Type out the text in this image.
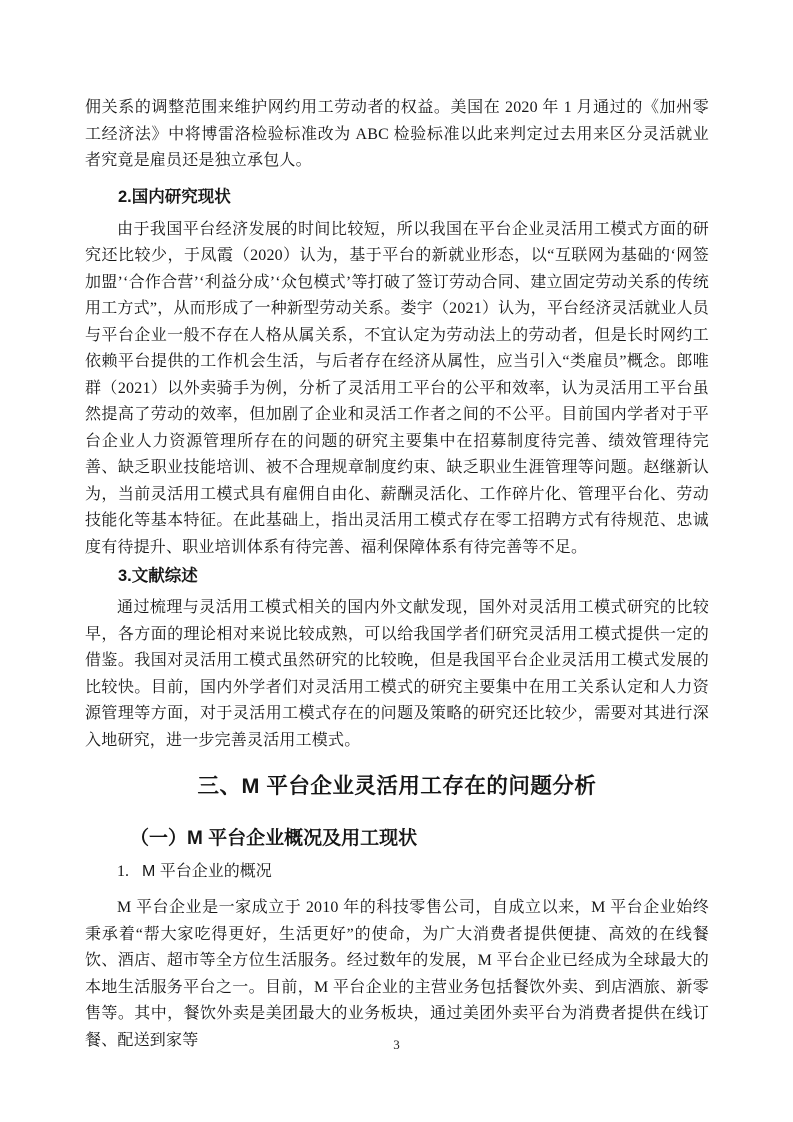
佣关系的调整范围来维护网约用工劳动者的权益。美国在 2020 年 1 月通过的《加州零工经济法》中将博雷洛检验标准改为 ABC 检验标准以此来判定过去用来区分灵活就业者究竟是雇员还是独立承包人。

2.国内研究现状

由于我国平台经济发展的时间比较短，所以我国在平台企业灵活用工模式方面的研究还比较少，于凤霞（2020）认为，基于平台的新就业形态，以“互联网为基础的‘网签加盟’‘合作合营’‘利益分成’‘众包模式’等打破了签订劳动合同、建立固定劳动关系的传统用工方式”，从而形成了一种新型劳动关系。娄宇（2021）认为，平台经济灵活就业人员与平台企业一般不存在人格从属关系，不宜认定为劳动法上的劳动者，但是长时网约工依赖平台提供的工作机会生活，与后者存在经济从属性，应当引入“类雇员”概念。郎唯群（2021）以外卖骑手为例，分析了灵活用工平台的公平和效率，认为灵活用工平台虽然提高了劳动的效率，但加剧了企业和灵活工作者之间的不公平。目前国内学者对于平台企业人力资源管理所存在的问题的研究主要集中在招募制度待完善、绩效管理待完善、缺乏职业技能培训、被不合理规章制度约束、缺乏职业生涯管理等问题。赵继新认为，当前灵活用工模式具有雇佣自由化、薪酬灵活化、工作碎片化、管理平台化、劳动技能化等基本特征。在此基础上，指出灵活用工模式存在零工招聘方式有待规范、忠诚度有待提升、职业培训体系有待完善、福利保障体系有待完善等不足。

3.文献综述

通过梳理与灵活用工模式相关的国内外文献发现，国外对灵活用工模式研究的比较早，各方面的理论相对来说比较成熟，可以给我国学者们研究灵活用工模式提供一定的借鉴。我国对灵活用工模式虽然研究的比较晚，但是我国平台企业灵活用工模式发展的比较快。目前，国内外学者们对灵活用工模式的研究主要集中在用工关系认定和人力资源管理等方面，对于灵活用工模式存在的问题及策略的研究还比较少，需要对其进行深入地研究，进一步完善灵活用工模式。

三、M 平台企业灵活用工存在的问题分析
（一）M 平台企业概况及用工现状
1. M 平台企业的概况

M 平台企业是一家成立于 2010 年的科技零售公司，自成立以来，M 平台企业始终秉承着“帮大家吃得更好，生活更好”的使命，为广大消费者提供便捷、高效的在线餐饮、酒店、超市等全方位生活服务。经过数年的发展，M 平台企业已经成为全球最大的本地生活服务平台之一。目前，M 平台企业的主营业务包括餐饮外卖、到店酒旅、新零售等。其中，餐饮外卖是美团最大的业务板块，通过美团外卖平台为消费者提供在线订餐、配送到家等	3
